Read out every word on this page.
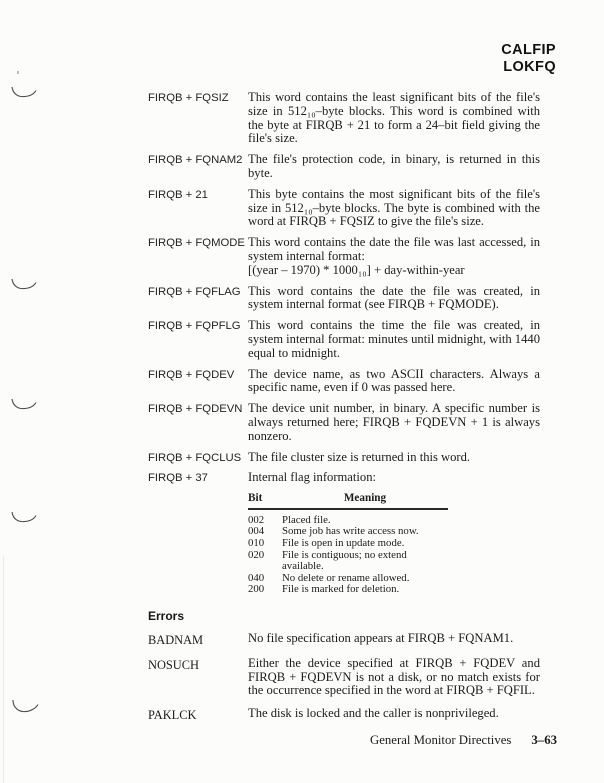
CALFIP
LOKFQ
FIRQB + FQSIZ	This word contains the least significant bits of the file's size in 512₁₀–byte blocks. This word is combined with the byte at FIRQB + 21 to form a 24–bit field giving the file's size.

FIRQB + FQNAM2 The file's protection code, in binary, is returned in this byte.

FIRQB + 21	This byte contains the most significant bits of the file's size in 512₁₀–byte blocks. The byte is combined with the word at FIRQB + FQSIZ to give the file's size.

FIRQB + FQMODE This word contains the date the file was last accessed, in system internal format:

[(year – 1970) * 1000₁₀] + day-within-year

FIRQB + FQFLAG This word contains the date the file was created, in system internal format (see FIRQB + FQMODE).

FIRQB + FQPFLG This word contains the time the file was created, in system internal format: minutes until midnight, with 1440 equal to midnight.

FIRQB + FQDEV	The device name, as two ASCII characters. Always a specific name, even if 0 was passed here.

FIRQB + FQDEVN The device unit number, in binary. A specific number is always returned here; FIRQB + FQDEVN + 1 is always nonzero.

FIRQB + FQCLUS The file cluster size is returned in this word.

FIRQB + 37	Internal flag information:

Bit	Meaning
002	Placed file.
004	Some job has write access now.
010	File is open in update mode.
020	File is contiguous; no extend available.
040	No delete or rename allowed.
200	File is marked for deletion.
Errors
BADNAM	No file specification appears at FIRQB + FQNAM1.
NOSUCH	Either the device specified at FIRQB + FQDEV and FIRQB + FQDEVN is not a disk, or no match exists for the occurrence specified in the word at FIRQB + FQFIL.
PAKLCK	The disk is locked and the caller is nonprivileged.
General Monitor Directives 3–63
